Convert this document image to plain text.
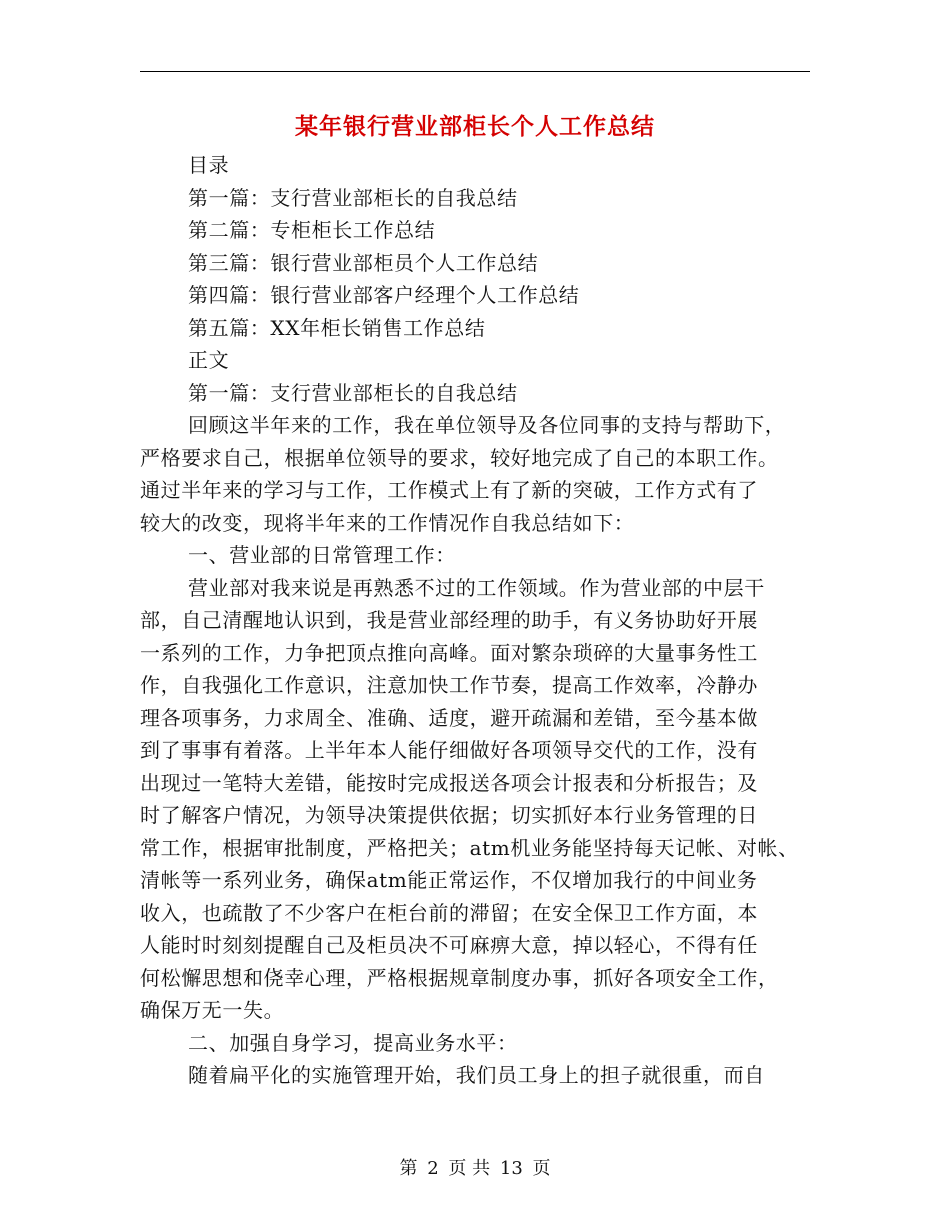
某年银行营业部柜长个人工作总结
目录
第一篇：支行营业部柜长的自我总结
第二篇：专柜柜长工作总结
第三篇：银行营业部柜员个人工作总结
第四篇：银行营业部客户经理个人工作总结
第五篇：XX年柜长销售工作总结
正文
第一篇：支行营业部柜长的自我总结
回顾这半年来的工作，我在单位领导及各位同事的支持与帮助下，
严格要求自己，根据单位领导的要求，较好地完成了自己的本职工作。
通过半年来的学习与工作，工作模式上有了新的突破，工作方式有了
较大的改变，现将半年来的工作情况作自我总结如下：
一、营业部的日常管理工作：
营业部对我来说是再熟悉不过的工作领域。作为营业部的中层干
部，自己清醒地认识到，我是营业部经理的助手，有义务协助好开展
一系列的工作，力争把顶点推向高峰。面对繁杂琐碎的大量事务性工
作，自我强化工作意识，注意加快工作节奏，提高工作效率，冷静办
理各项事务，力求周全、准确、适度，避开疏漏和差错，至今基本做
到了事事有着落。上半年本人能仔细做好各项领导交代的工作，没有
出现过一笔特大差错，能按时完成报送各项会计报表和分析报告；及
时了解客户情况，为领导决策提供依据；切实抓好本行业务管理的日
常工作，根据审批制度，严格把关；atm机业务能坚持每天记帐、对帐、
清帐等一系列业务，确保atm能正常运作，不仅增加我行的中间业务
收入，也疏散了不少客户在柜台前的滞留；在安全保卫工作方面，本
人能时时刻刻提醒自己及柜员决不可麻痹大意，掉以轻心，不得有任
何松懈思想和侥幸心理，严格根据规章制度办事，抓好各项安全工作，
确保万无一失。
二、加强自身学习，提高业务水平：
随着扁平化的实施管理开始，我们员工身上的担子就很重，而自
第 2 页 共 13 页
